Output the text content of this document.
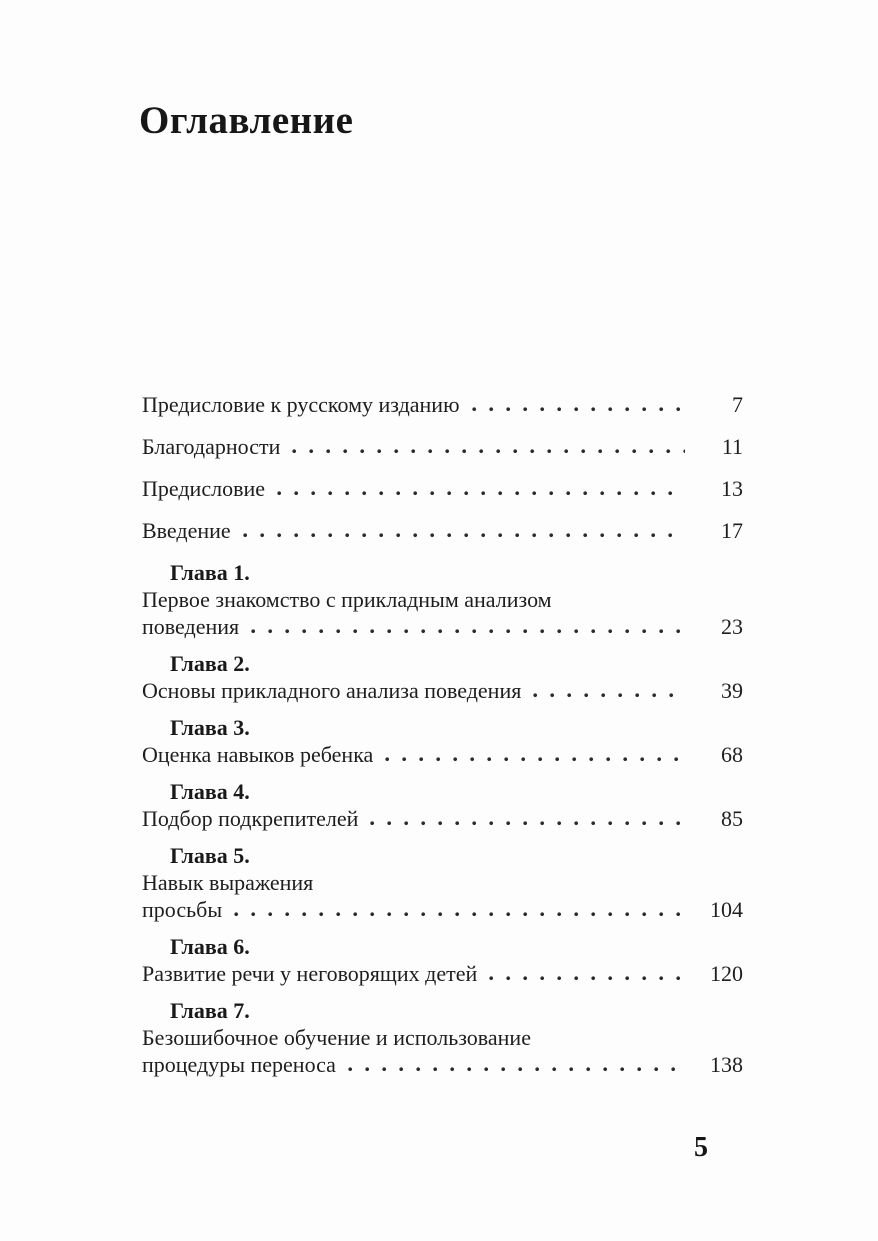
Оглавление
Предисловие к русскому изданию	7
Благодарности	11
Предисловие	13
Введение	17
Глава 1.
Первое знакомство с прикладным анализом
поведения	23
Глава 2.
Основы прикладного анализа поведения	39
Глава 3.
Оценка навыков ребенка	68
Глава 4.
Подбор подкрепителей	85
Глава 5.
Навык выражения
просьбы	104
Глава 6.
Развитие речи у неговорящих детей	120
Глава 7.
Безошибочное обучение и использование
процедуры переноса	138
5
